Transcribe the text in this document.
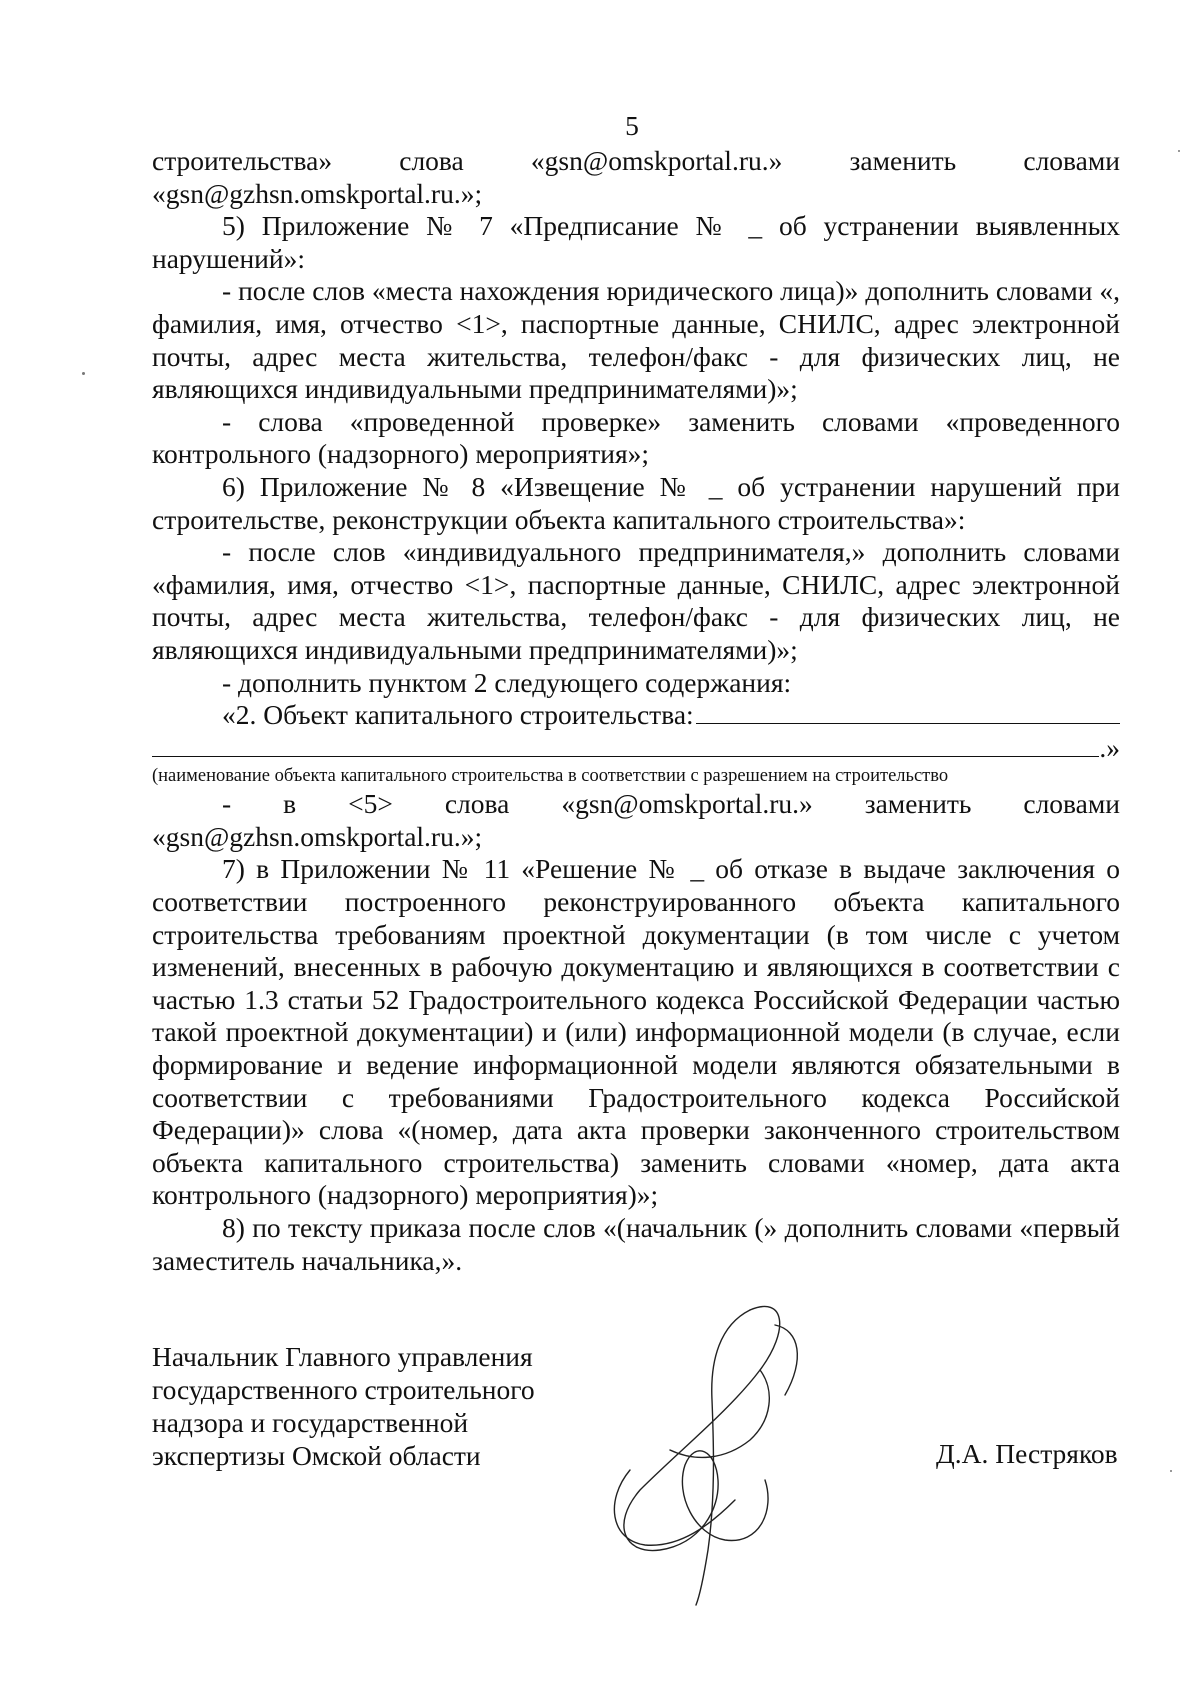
5

строительства» слова «gsn@omskportal.ru.» заменить словами

«gsn@gzhsn.omskportal.ru.»;

5) Приложение № 7 «Предписание № _ об устранении выявленных нарушений»:

- после слов «места нахождения юридического лица)» дополнить словами «, фамилия, имя, отчество <1>, паспортные данные, СНИЛС, адрес электронной почты, адрес места жительства, телефон/факс - для физических лиц, не являющихся индивидуальными предпринимателями)»;

- слова «проведенной проверке» заменить словами «проведенного контрольного (надзорного) мероприятия»;

6) Приложение № 8 «Извещение № _ об устранении нарушений при строительстве, реконструкции объекта капитального строительства»:

- после слов «индивидуального предпринимателя,» дополнить словами «фамилия, имя, отчество <1>, паспортные данные, СНИЛС, адрес электронной почты, адрес места жительства, телефон/факс - для физических лиц, не являющихся индивидуальными предпринимателями)»;

- дополнить пунктом 2 следующего содержания:

«2. Объект капитального строительства:
.»
(наименование объекта капитального строительства в соответствии с разрешением на строительство

- в <5> слова «gsn@omskportal.ru.» заменить словами

«gsn@gzhsn.omskportal.ru.»;

7) в Приложении № 11 «Решение № _ об отказе в выдаче заключения о соответствии построенного реконструированного объекта капитального строительства требованиям проектной документации (в том числе с учетом изменений, внесенных в рабочую документацию и являющихся в соответствии с частью 1.3 статьи 52 Градостроительного кодекса Российской Федерации частью такой проектной документации) и (или) информационной модели (в случае, если формирование и ведение информационной модели являются обязательными в соответствии с требованиями Градостроительного кодекса Российской Федерации)» слова «(номер, дата акта проверки законченного строительством объекта капитального строительства) заменить словами «номер, дата акта контрольного (надзорного) мероприятия)»;

8) по тексту приказа после слов «(начальник (» дополнить словами «первый заместитель начальника,».

Начальник Главного управления
государственного строительного
надзора и государственной
экспертизы Омской области	Д.А. Пестряков
